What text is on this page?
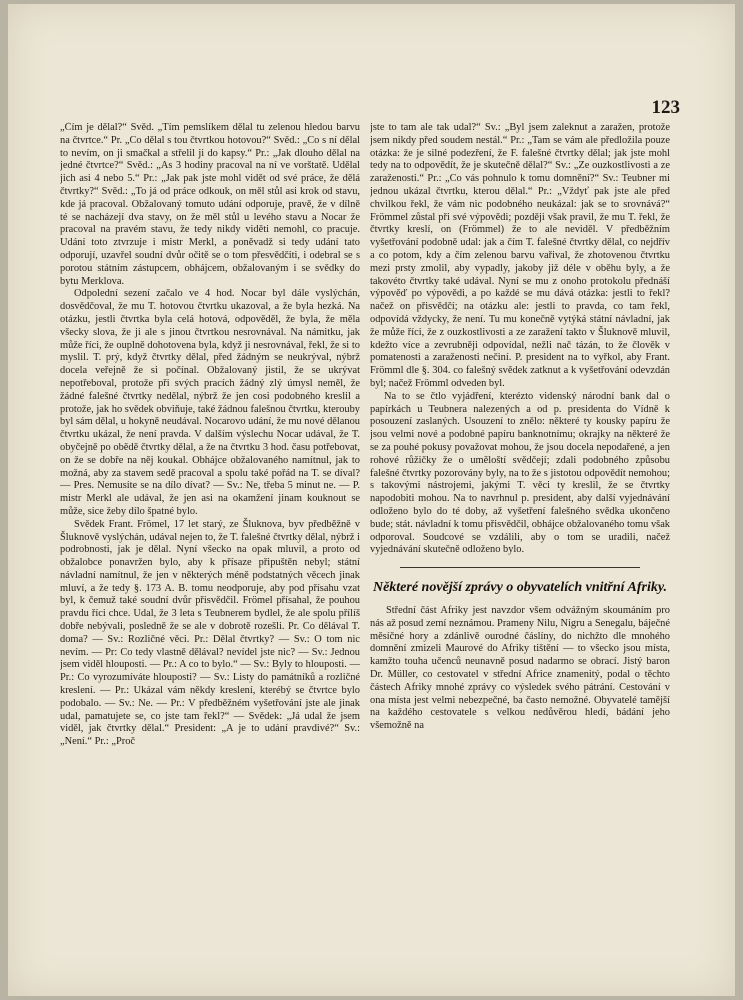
123

„Čím je dělal?“ Svěd. „Tím pemslíkem dělal tu zelenou hledou barvu na čtvrtce.“ Pr. „Co dělal s tou čtvrtkou hotovou?“ Svěd.: „Co s ní dělal to nevím, on ji smačkal a střelil ji do kapsy.“ Pr.: „Jak dlouho dělal na jedné čtvrtce?“ Svěd.: „As 3 hodiny pracoval na ní ve vorštatě. Udělal jich asi 4 nebo 5.“ Pr.: „Jak pak jste mohl vidět od své práce, že dělá čtvrtky?“ Svěd.: „To já od práce odkouk, on měl stůl asi krok od stavu, kde já pracoval. Obžalovaný tomuto udání odporuje, pravě, že v dílně té se nacházejí dva stavy, on že měl stůl u levého stavu a Nocar že pracoval na pravém stavu, že tedy nikdy viděti nemohl, co pracuje. Udání toto ztvrzuje i mistr Merkl, a poněvadž si tedy udání tato odporují, uzavřel soudní dvůr očitě se o tom přesvědčiti, i odebral se s porotou státním zástupcem, obhájcem, obžalovaným i se svědky do bytu Merklova.

Odpolední sezení začalo ve 4 hod. Nocar byl dále vyslýchán, dosvědčoval, že mu T. hotovou čtvrtku ukazoval, a že byla hezká. Na otázku, jestli čtvrtka byla celá hotová, odpověděl, že byla, že měla všecky slova, že ji ale s jinou čtvrtkou nesrovnával. Na námitku, jak může říci, že ouplně dohotovena byla, když ji nesrovnával, řekl, že si to myslil. T. prý, když čtvrtky dělal, před žádným se neukrýval, nýbrž docela veřejně že si počínal. Obžalovaný jistil, že se ukrývat nepotřeboval, protože při svých pracích žádný zlý úmysl neměl, že žádné falešné čtvrtky nedělal, nýbrž že jen cosi podobného kreslil a protože, jak ho svědek obviňuje, také žádnou falešnou čtvrtku, kterouby byl sám dělal, u hokyně neudával. Nocarovo udání, že mu nové dělanou čtvrtku ukázal, že není pravda. V dalším výslechu Nocar udával, že T. obyčejně po obědě čtvrtky dělal, a že na čtvrtku 3 hod. času potřebovat, on že se dobře na něj koukal. Obhájce obžalovaného namítnul, jak to možná, aby za stavem sedě pracoval a spolu také pořád na T. se díval? — Pres. Nemusíte se na dílo dívat? — Sv.: Ne, třeba 5 minut ne. — P. mistr Merkl ale udával, že jen asi na okamžení jinam kouknout se může, sice žeby dílo špatné bylo.

Svědek Frant. Frömel, 17 let starý, ze Šluknova, byv předběžně v Šluknově vyslýchán, udával nejen to, že T. falešné čtvrtky dělal, nýbrž i podrobnosti, jak je dělal. Nyní všecko na opak mluvil, a proto od obžalobce ponavržen bylo, aby k přísaze připuštěn nebyl; státní návladní namítnul, že jen v některých méně podstatných věcech jinak mluví, a že tedy §. 173 A. B. tomu neodporuje, aby pod přísahu vzat byl, k čemuž také soudní dvůr přisvědčil. Frömel přísahal, že pouhou pravdu říci chce. Udal, že 3 leta s Teubnerem bydlel, že ale spolu přílíš dobře nebývali, posledně že se ale v dobrotě rozešli. Pr. Co dělával T. doma? — Sv.: Rozličné věci. Pr.: Dělal čtvrtky? — Sv.: O tom nic nevím. — Pr: Co tedy vlastně dělával? nevídel jste nic? — Sv.: Jednou jsem viděl hlouposti. — Pr.: A co to bylo.“ — Sv.: Byly to hlouposti. — Pr.: Co vyrozumíváte hlouposti? — Sv.: Listy do památníků a rozličné kreslení. — Pr.: Ukázal vám někdy kreslení, kterébý se čtvrtce bylo podobalo. — Sv.: Ne. — Pr.: V předběžném vyšetřování jste ale jinak udal, pamatujete se, co jste tam řekl?“ — Svědek: „Já udal že jsem viděl, jak čtvrtky dělal.“ President: „A je to udání pravdivé?“ Sv.: „Není.“ Pr.: „Proč

jste to tam ale tak udal?“ Sv.: „Byl jsem zaleknut a zaražen, protože jsem nikdy před soudem nestál.“ Pr.: „Tam se vám ale předložila pouze otázka: že je silné podezření, že F. falešné čtvrtky dělal; jak jste mohl tedy na to odpovědít, že je skutečně dělal?“ Sv.: „Ze ouzkostlivosti a ze zaraženosti.“ Pr.: „Co vás pohnulo k tomu domnění?“ Sv.: Teubner mi jednou ukázal čtvrtku, kterou dělal.“ Pr.: „Vždyť pak jste ale před chvilkou řekl, že vám nic podobného neukázal: jak se to srovnává?“ Frömmel zůstal při své výpovědi; později však pravil, že mu T. řekl, že čtvrtky kreslí, on (Frömmel) že to ale neviděl. V předběžním vyšetřování podobně udal: jak a čím T. falešné čtvrtky dělal, co nejdřív a co potom, kdy a čím zelenou barvu vařival, že zhotovenou čtvrtku mezi prsty zmolil, aby vypadly, jakoby již déle v oběhu byly, a že takovéto čtvrtky také udával. Nyní se mu z onoho protokolu přednáší výpověď po výpovědi, a po každé se mu dává otázka: jestli to řekl? načež on přisvědčí; na otázku ale: jestli to pravda, co tam řekl, odpovídá vždycky, že není. Tu mu konečně vytýká státní návladní, jak že může říci, že z ouzkostlivosti a ze zaražení takto v Šluknově mluvil, kdežto více a zevrubněji odpovídal, nežli nač tázán, to že člověk v pomatenosti a zaraženosti nečiní. P. president na to vyřkol, aby Frant. Frömml dle §. 304. co falešný svědek zatknut a k vyšetřování odevzdán byl; načež Frömml odveden byl.

Na to se čtlo vyjádření, kterézto videnský národní bank dal o papírkách u Teubnera nalezených a od p. presidenta do Vídně k posouzení zaslaných. Usouzení to znělo: některé ty kousky papíru že jsou velmi nové a podobné papíru banknotnímu; okrajky na některé že se za pouhé pokusy považovat mohou, že jsou docela nepodařené, a jen rohové růžičky že o uměloští svědčejí; zdali podobného způsobu falešné čtvrtky pozorovány byly, na to že s jistotou odpovědít nemohou; s takovými nástrojemi, jakými T. věci ty kreslil, že se čtvrtky napodobiti mohou. Na to navrhnul p. president, aby další vyjednávání odloženo bylo do té doby, až vyšetření falešného svědka ukončeno bude; stát. návladní k tomu přisvědčil, obhájce obžalovaného tomu však odporoval. Soudcové se vzdálili, aby o tom se uradili, načež vyjednávání skutečně odloženo bylo.

Některé novější zprávy o obyvatelích vnitřní Afriky.

Střední část Afriky jest navzdor všem odvážným skoumáním pro nás až posud zemí neznámou. Prameny Nilu, Nigru a Senegalu, báječné měsíčné hory a zdánlivě ourodné čáslíny, do nichžto dle mnohého domnění zmizeli Maurové do Afriky tištění — to všecko jsou místa, kamžto touha učenců neunavně posud nadarmo se obrací. Jistý baron Dr. Müller, co cestovatel v střední Africe znamenitý, podal o těchto částech Afriky mnohé zprávy co výsledek svého pátrání. Cestování v ona místa jest velmi nebezpečné, ba často nemožné. Obyvatelé tamější na každého cestovatele s velkou nedůvěrou hledí, bádání jeho všemožně na
